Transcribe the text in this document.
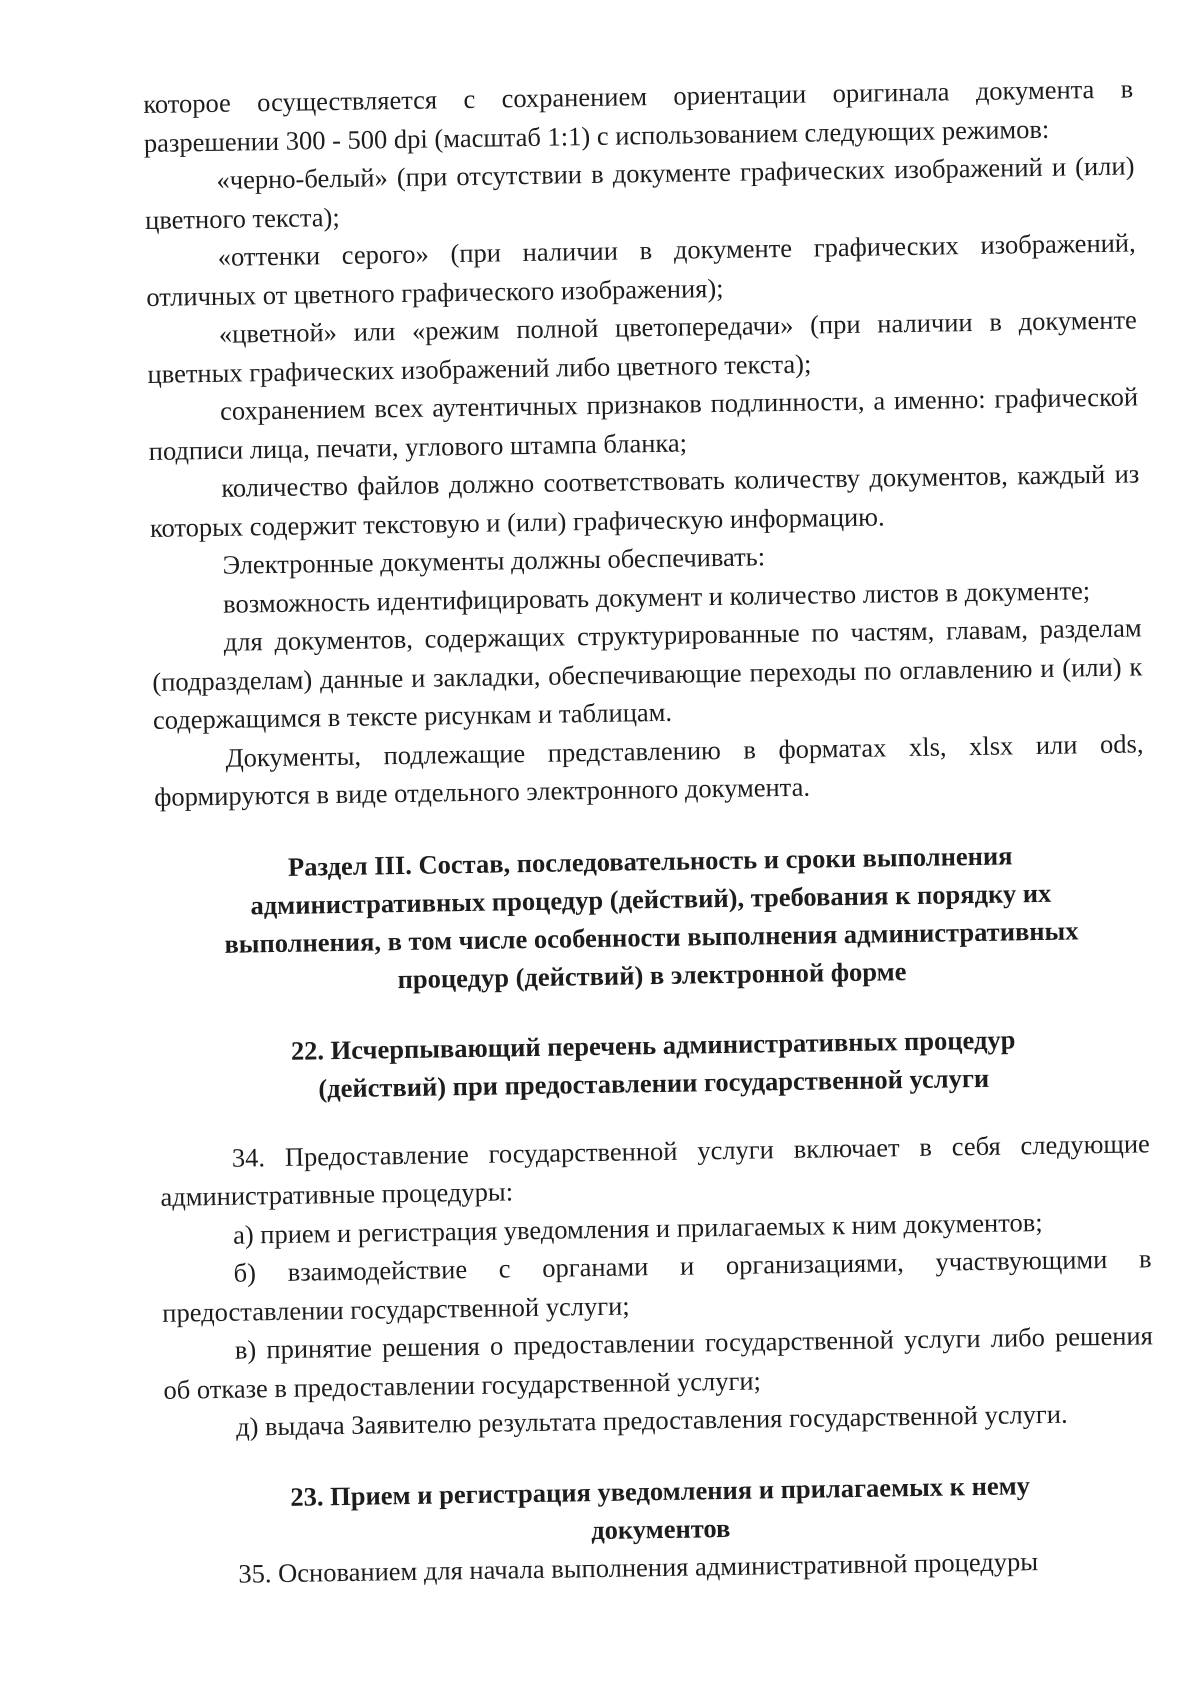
которое осуществляется с сохранением ориентации оригинала документа в разрешении 300 - 500 dpi (масштаб 1:1) с использованием следующих режимов:

«черно-белый» (при отсутствии в документе графических изображений и (или) цветного текста);

«оттенки серого» (при наличии в документе графических изображений, отличных от цветного графического изображения);

«цветной» или «режим полной цветопередачи» (при наличии в документе цветных графических изображений либо цветного текста);

сохранением всех аутентичных признаков подлинности, а именно: графической подписи лица, печати, углового штампа бланка;

количество файлов должно соответствовать количеству документов, каждый из которых содержит текстовую и (или) графическую информацию.

Электронные документы должны обеспечивать:

возможность идентифицировать документ и количество листов в документе;

для документов, содержащих структурированные по частям, главам, разделам (подразделам) данные и закладки, обеспечивающие переходы по оглавлению и (или) к содержащимся в тексте рисункам и таблицам.

Документы, подлежащие представлению в форматах xls, xlsx или ods, формируются в виде отдельного электронного документа.

Раздел III. Состав, последовательность и сроки выполнения
административных процедур (действий), требования к порядку их
выполнения, в том числе особенности выполнения административных
процедур (действий) в электронной форме
22. Исчерпывающий перечень административных процедур
(действий) при предоставлении государственной услуги

34. Предоставление государственной услуги включает в себя следующие административные процедуры:

а) прием и регистрация уведомления и прилагаемых к ним документов;

б) взаимодействие с органами и организациями, участвующими в предоставлении государственной услуги;

в) принятие решения о предоставлении государственной услуги либо решения об отказе в предоставлении государственной услуги;

д) выдача Заявителю результата предоставления государственной услуги.

23. Прием и регистрация уведомления и прилагаемых к нему
документов

35. Основанием для начала выполнения административной процедуры
